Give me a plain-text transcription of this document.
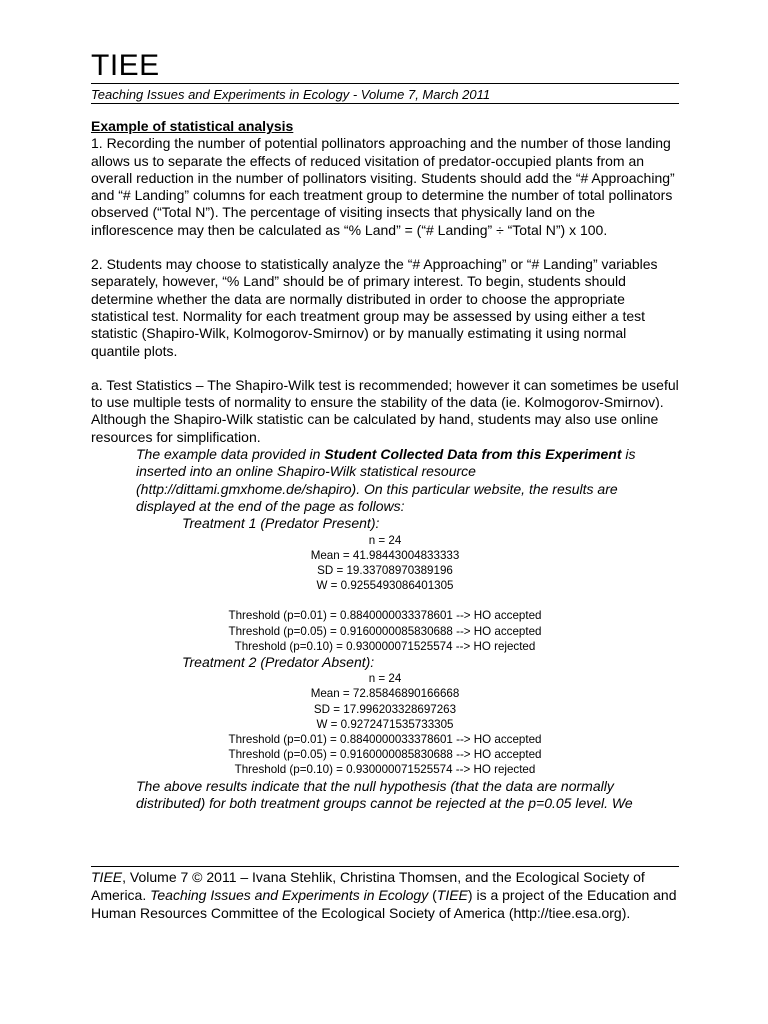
TIEE
Teaching Issues and Experiments in Ecology - Volume 7, March 2011

Example of statistical analysis

1. Recording the number of potential pollinators approaching and the number of those landing allows us to separate the effects of reduced visitation of predator-occupied plants from an overall reduction in the number of pollinators visiting. Students should add the “# Approaching” and “# Landing” columns for each treatment group to determine the number of total pollinators observed (“Total N”). The percentage of visiting insects that physically land on the inflorescence may then be calculated as “% Land” = (“# Landing” ÷ “Total N”) x 100.

2. Students may choose to statistically analyze the “# Approaching” or “# Landing” variables separately, however, “% Land” should be of primary interest. To begin, students should determine whether the data are normally distributed in order to choose the appropriate statistical test. Normality for each treatment group may be assessed by using either a test statistic (Shapiro-Wilk, Kolmogorov-Smirnov) or by manually estimating it using normal quantile plots.

a. Test Statistics – The Shapiro-Wilk test is recommended; however it can sometimes be useful to use multiple tests of normality to ensure the stability of the data (ie. Kolmogorov-Smirnov). Although the Shapiro-Wilk statistic can be calculated by hand, students may also use online resources for simplification.

The example data provided in Student Collected Data from this Experiment is inserted into an online Shapiro-Wilk statistical resource (http://dittami.gmxhome.de/shapiro). On this particular website, the results are displayed at the end of the page as follows:

Treatment 1 (Predator Present):

n = 24
Mean = 41.98443004833333
SD = 19.33708970389196
W = 0.9255493086401305
Threshold (p=0.01) = 0.8840000033378601 --> HO accepted
Threshold (p=0.05) = 0.9160000085830688 --> HO accepted
Threshold (p=0.10) = 0.930000071525574 --> HO rejected

Treatment 2 (Predator Absent):

n = 24
Mean = 72.85846890166668
SD = 17.996203328697263
W = 0.9272471535733305
Threshold (p=0.01) = 0.8840000033378601 --> HO accepted
Threshold (p=0.05) = 0.9160000085830688 --> HO accepted
Threshold (p=0.10) = 0.930000071525574 --> HO rejected

The above results indicate that the null hypothesis (that the data are normally distributed) for both treatment groups cannot be rejected at the p=0.05 level. We

TIEE, Volume 7 © 2011 – Ivana Stehlik, Christina Thomsen, and the Ecological Society of America. Teaching Issues and Experiments in Ecology (TIEE) is a project of the Education and Human Resources Committee of the Ecological Society of America (http://tiee.esa.org).
